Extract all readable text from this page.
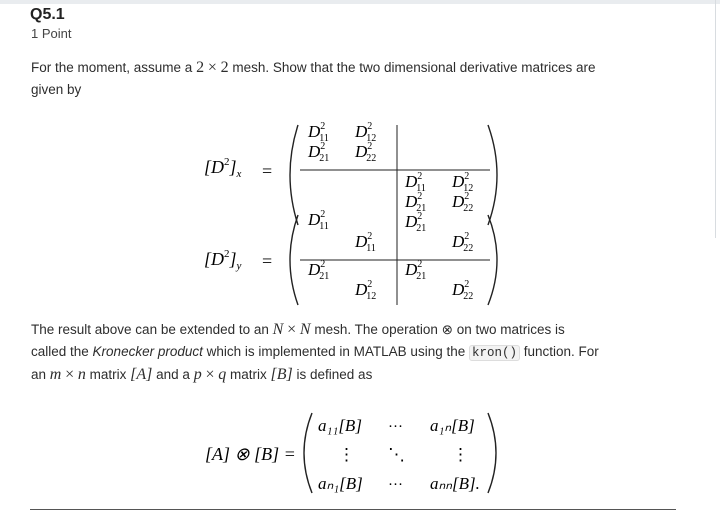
Q5.1
1 Point
For the moment, assume a 2 × 2 mesh. Show that the two dimensional derivative matrices are
given by
$[D^2]_x$ =
$[D^2]_y$ =
$D^2$ 11 $D^2$ 12
$D^2$ 21 $D^2$ 22
$D^2$ 11 $D^2$ 12
$D^2$ 21 $D^2$ 22
$D^2$ 11
$D^2$ 11
$D^2$ 21
$D^2$ 12
$D^2$ 21
$D^2$ 22
$D^2$ 21
$D^2$ 22
The result above can be extended to an N × N mesh. The operation ⊗ on two matrices is
called the Kronecker product which is implemented in MATLAB using the kron() function. For
an m × n matrix [A] and a p × q matrix [B] is defined as
[A] ⊗ [B] =
a₁₁[B] ··· a₁ₙ[B]
⋮ ⋱	⋮
aₙ₁[B] ··· aₙₙ[B].
